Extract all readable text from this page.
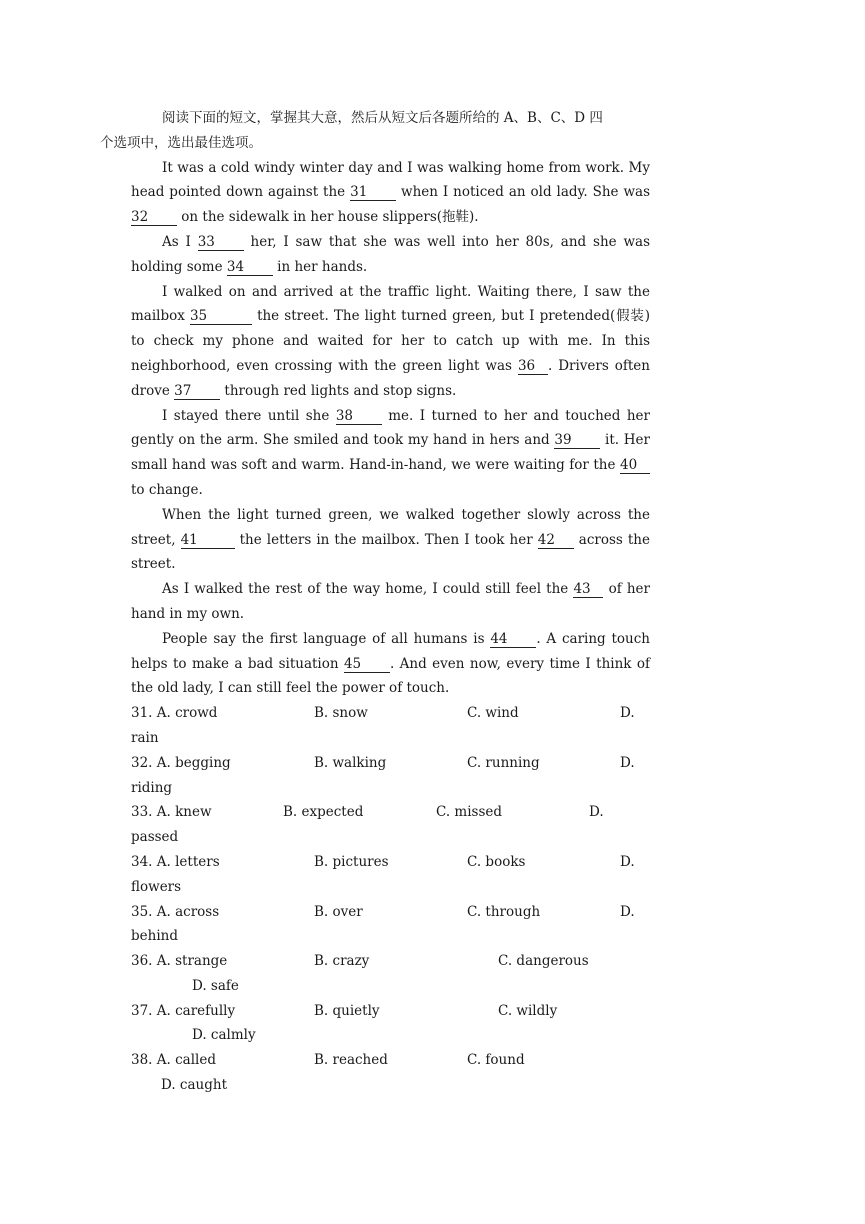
阅读下面的短文，掌握其大意，然后从短文后各题所给的 A、B、C、D 四
个选项中，选出最佳选项。

It was a cold windy winter day and I was walking home from work. My head pointed down against the 31 when I noticed an old lady. She was 32 on the sidewalk in her house slippers(拖鞋).

As I 33 her, I saw that she was well into her 80s, and she was holding some 34 in her hands.

I walked on and arrived at the traffic light. Waiting there, I saw the mailbox 35	the street. The light turned green, but I pretended(假装) to check my phone and waited for her to catch up with me. In this neighborhood, even crossing with the green light was 36 . Drivers often drove 37 through red lights and stop signs.

I stayed there until she 38 me. I turned to her and touched her gently on the arm. She smiled and took my hand in hers and 39 it. Her small hand was soft and warm. Hand-in-hand, we were waiting for the 40 to change.

When the light turned green, we walked together slowly across the street, 41	the letters in the mailbox. Then I took her 42 across the street.

As I walked the rest of the way home, I could still feel the 43 of her hand in my own.

People say the first language of all humans is 44 . A caring touch helps to make a bad situation 45 . And even now, every time I think of the old lady, I can still feel the power of touch.

31. A. crowd	B. snow	C. wind	D.
rain
32. A. begging	B. walking	C. running	D.
riding
33. A. knew	B. expected	C. missed	D.
passed
34. A. letters	B. pictures	C. books	D.
flowers
35. A. across	B. over	C. through	D.
behind
36. A. strange	B. crazy	C. dangerous
D. safe
37. A. carefully	B. quietly	C. wildly
D. calmly
38. A. called	B. reached	C. found
D. caught
